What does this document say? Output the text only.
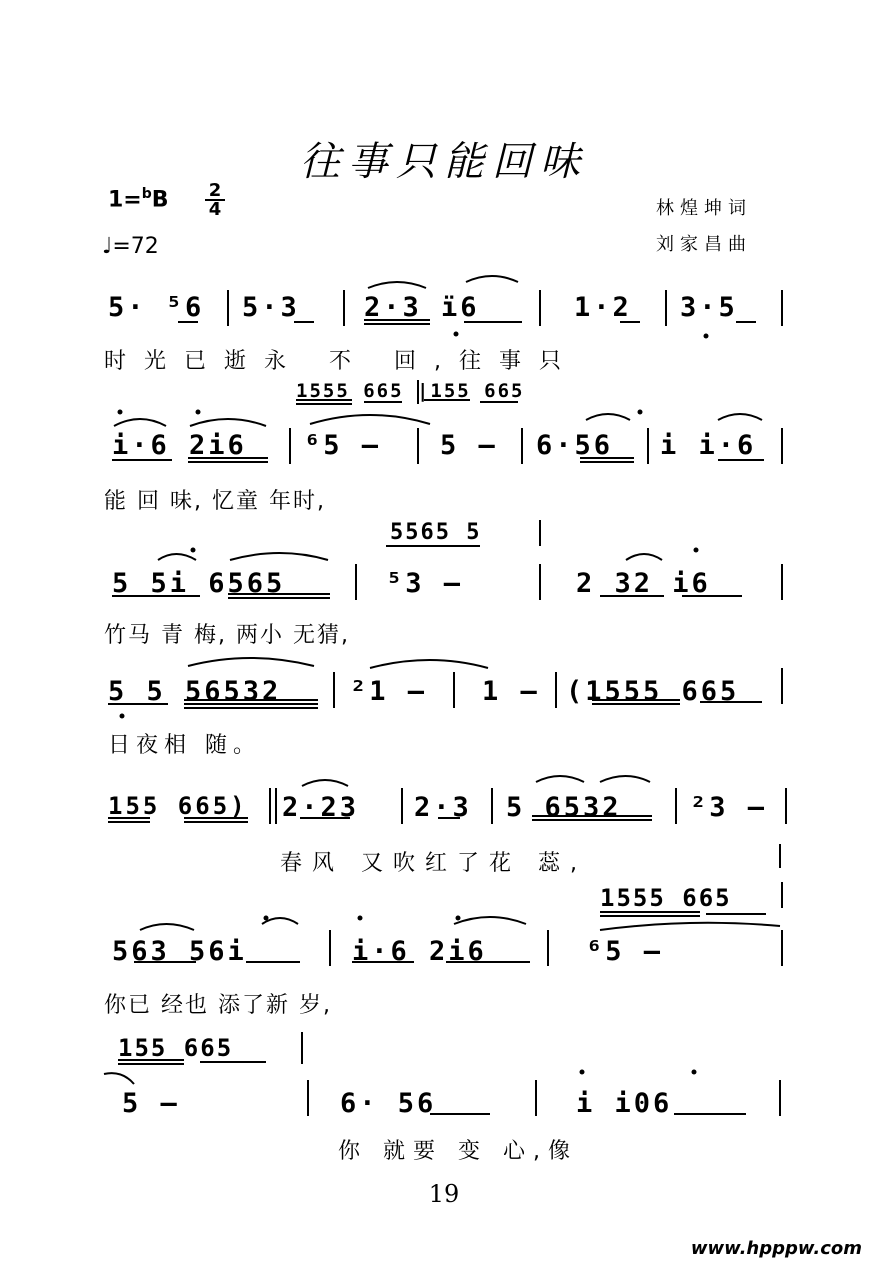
往事只能回味
1=$^b$B 2
4
♩=72
林煌坤词
刘家昌曲
5· ⁵6 5·3 2·3 ï6	1·2 3·5
时光已逝永 不 回,往事只
1555 665 |155 665
i·6 2i6 ⁶5 – 5 – 6·56 i i·6
能 回 味, 忆童 年时,
5565 5
5 5i 6565	⁵3 –	2 32 i6
竹马 青 梅, 两小 无猜,
5 5 56532	²1 – 1 – (1555 665
日夜相 随。
155 665) 2·23 2·3 5 6532	²3 –
春风 又吹红了花 蕊,
1555 665
563 56i	i·6 2i6	⁶5 –
你已 经也 添了新 岁,
155 665
5 –	6· 56	i i06
你 就要 变 心,像
19
www.hpppw.com
